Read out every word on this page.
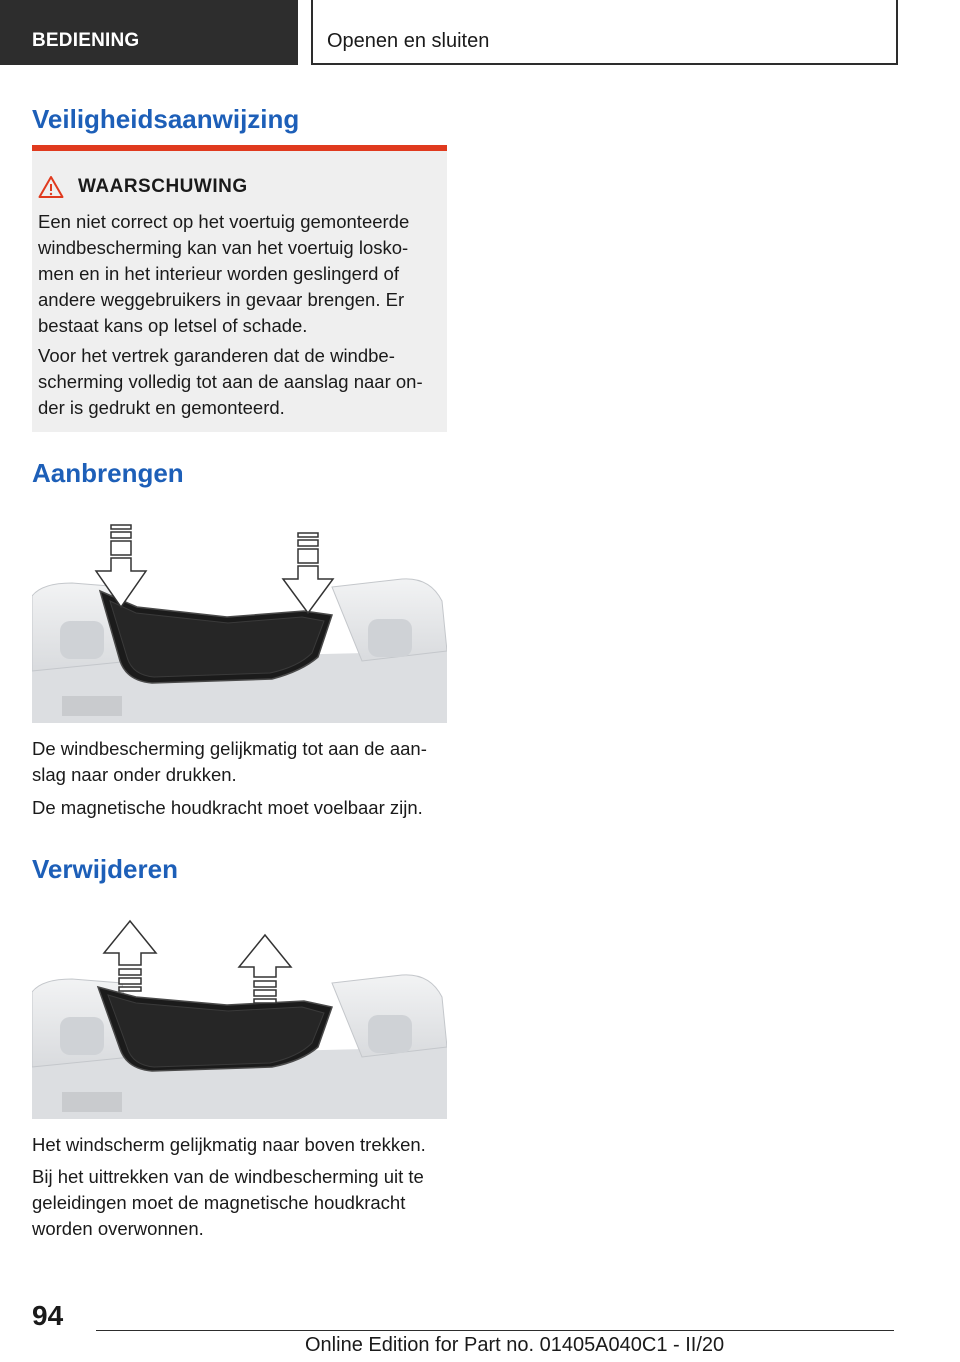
BEDIENING	Openen en sluiten
Veiligheidsaanwijzing
WAARSCHUWING

Een niet correct op het voertuig gemonteerde

windbescherming kan van het voertuig losko-

men en in het interieur worden geslingerd of

andere weggebruikers in gevaar brengen. Er

bestaat kans op letsel of schade.

Voor het vertrek garanderen dat de windbe-

scherming volledig tot aan de aanslag naar on-

der is gedrukt en gemonteerd.

Aanbrengen

De windbescherming gelijkmatig tot aan de aan-

slag naar onder drukken.

De magnetische houdkracht moet voelbaar zijn.

Verwijderen

Het windscherm gelijkmatig naar boven trekken.

Bij het uittrekken van de windbescherming uit te

geleidingen moet de magnetische houdkracht

worden overwonnen.

94
Online Edition for Part no. 01405A040C1 - II/20
